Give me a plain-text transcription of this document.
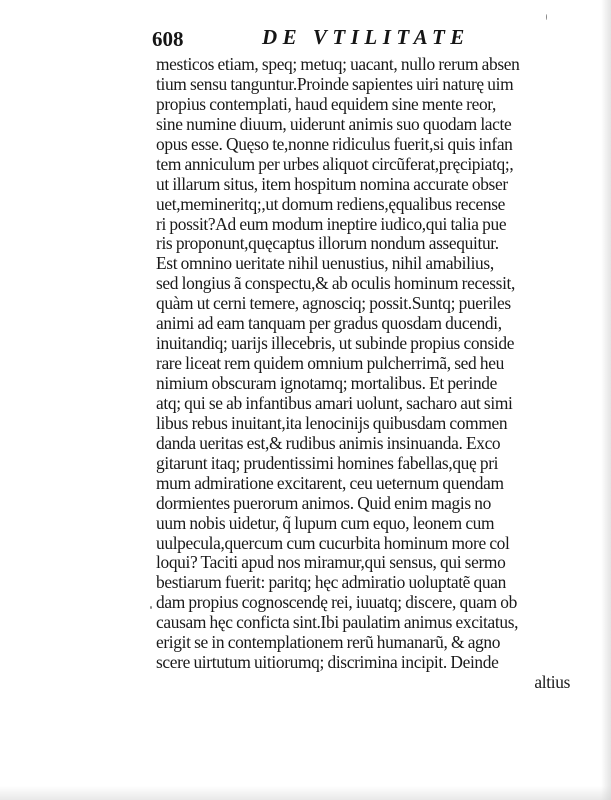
608	DE VTILITATE
mesticos etiam, speq; metuq; uacant, nullo rerum absen
tium sensu tanguntur.Proinde sapientes uiri naturę uim
propius contemplati, haud equidem sine mente reor,
sine numine diuum, uiderunt animis suo quodam lacte
opus esse. Quęso te,nonne ridiculus fuerit,si quis infan
tem anniculum per urbes aliquot circũferat,pręcipiatq;,
ut illarum situs, item hospitum nomina accurate obser
uet,memineritq;,ut domum rediens,ęqualibus recense
ri possit?Ad eum modum ineptire iudico,qui talia pue
ris proponunt,quęcaptus illorum nondum assequitur.
Est omnino ueritate nihil uenustius, nihil amabilius,
sed longius ã conspectu,& ab oculis hominum recessit,
quàm ut cerni temere, agnosciq; possit.Suntq; pueriles
animi ad eam tanquam per gradus quosdam ducendi,
inuitandiq; uarijs illecebris, ut subinde propius conside
rare liceat rem quidem omnium pulcherrimã, sed heu
nimium obscuram ignotamq; mortalibus. Et perinde
atq; qui se ab infantibus amari uolunt, sacharo aut simi
libus rebus inuitant,ita lenocinijs quibusdam commen
danda ueritas est,& rudibus animis insinuanda. Exco
gitarunt itaq; prudentissimi homines fabellas,quę pri
mum admiratione excitarent, ceu ueternum quendam
dormientes puerorum animos. Quid enim magis no
uum nobis uidetur, q̃ lupum cum equo, leonem cum
uulpecula,quercum cum cucurbita hominum more col
loqui? Taciti apud nos miramur,qui sensus, qui sermo
bestiarum fuerit: paritq; hęc admiratio uoluptatẽ quan
dam propius cognoscendę rei, iuuatq; discere, quam ob
causam hęc conficta sint.Ibi paulatim animus excitatus,
erigit se in contemplationem rerũ humanarũ, & agno
scere uirtutum uitiorumq; discrimina incipit. Deinde
altius
